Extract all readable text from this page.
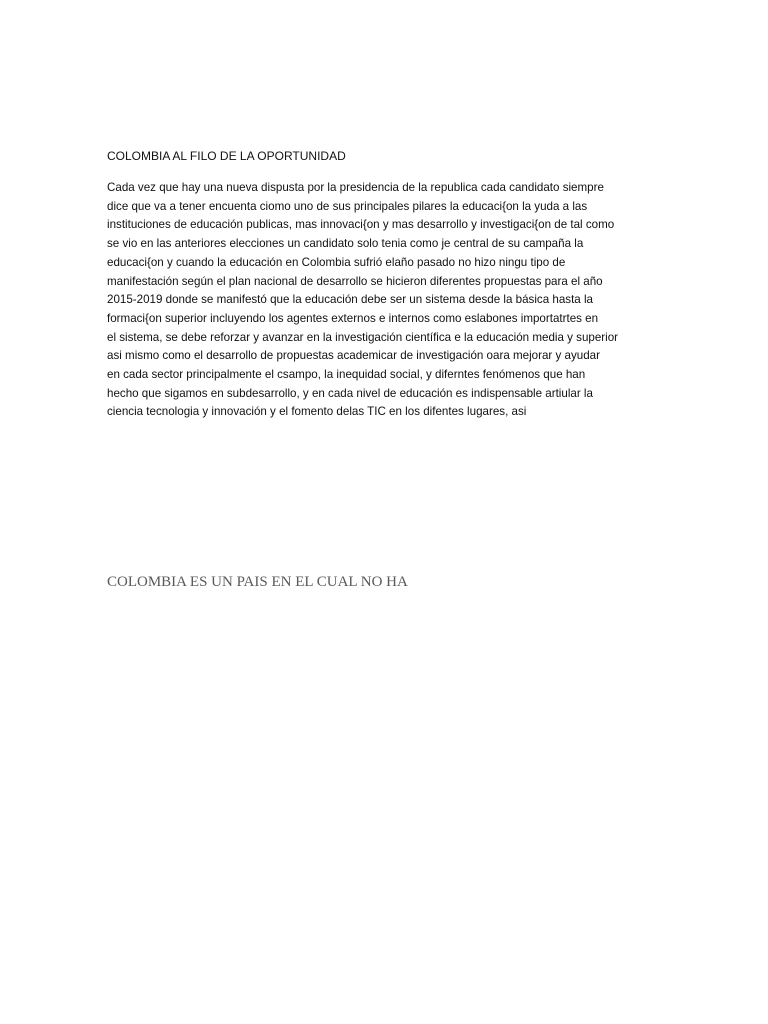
COLOMBIA AL FILO DE LA OPORTUNIDAD
Cada vez que hay una nueva dispusta por la presidencia de la republica cada candidato siempre
dice que va a tener encuenta ciomo uno de sus principales pilares la educaci{on la yuda a las
instituciones de educación publicas, mas innovaci{on y mas desarrollo y investigaci{on de tal como
se vio en las anteriores elecciones un candidato solo tenia como je central de su campaña la
educaci{on y cuando la educación en Colombia sufrió elaño pasado no hizo ningu tipo de
manifestación según el plan nacional de desarrollo se hicieron diferentes propuestas para el año
2015-2019 donde se manifestó que la educación debe ser un sistema desde la básica hasta la
formaci{on superior incluyendo los agentes externos e internos como eslabones importatrtes en
el sistema, se debe reforzar y avanzar en la investigación científica e la educación media y superior
asi mismo como el desarrollo de propuestas academicar de investigación oara mejorar y ayudar
en cada sector principalmente el csampo, la inequidad social, y diferntes fenómenos que han
hecho que sigamos en subdesarrollo, y en cada nivel de educación es indispensable artiular la
ciencia tecnologia y innovación y el fomento delas TIC en los difentes lugares, asi
COLOMBIA ES UN PAIS EN EL CUAL NO HA
